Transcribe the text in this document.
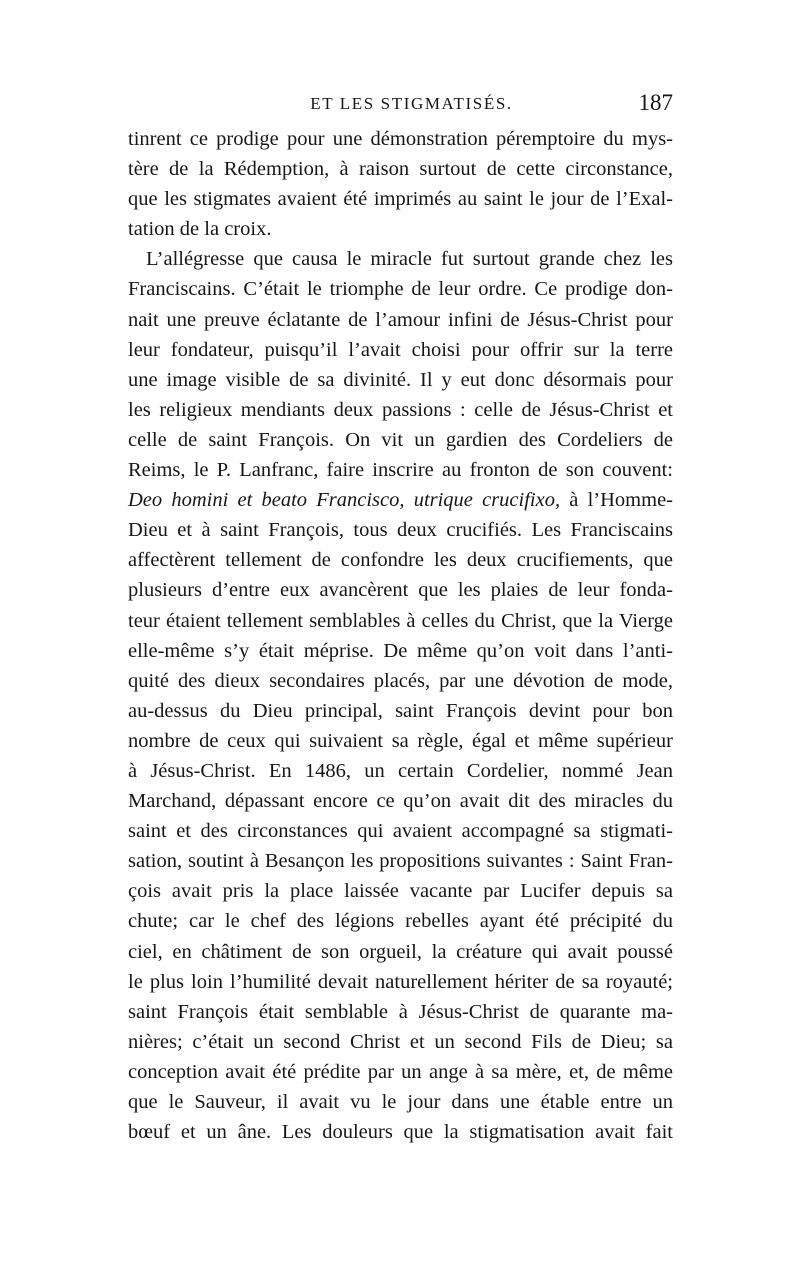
ET LES STIGMATISÉS.	187
tinrent ce prodige pour une démonstration péremptoire du mys-
tère de la Rédemption, à raison surtout de cette circonstance,
que les stigmates avaient été imprimés au saint le jour de l’Exal-
tation de la croix.
L’allégresse que causa le miracle fut surtout grande chez les
Franciscains. C’était le triomphe de leur ordre. Ce prodige don-
nait une preuve éclatante de l’amour infini de Jésus-Christ pour
leur fondateur, puisqu’il l’avait choisi pour offrir sur la terre
une image visible de sa divinité. Il y eut donc désormais pour
les religieux mendiants deux passions : celle de Jésus-Christ et
celle de saint François. On vit un gardien des Cordeliers de
Reims, le P. Lanfranc, faire inscrire au fronton de son couvent:
Deo homini et beato Francisco, utrique crucifixo, à l’Homme-
Dieu et à saint François, tous deux crucifiés. Les Franciscains
affectèrent tellement de confondre les deux crucifiements, que
plusieurs d’entre eux avancèrent que les plaies de leur fonda-
teur étaient tellement semblables à celles du Christ, que la Vierge
elle-même s’y était méprise. De même qu’on voit dans l’anti-
quité des dieux secondaires placés, par une dévotion de mode,
au-dessus du Dieu principal, saint François devint pour bon
nombre de ceux qui suivaient sa règle, égal et même supérieur
à Jésus-Christ. En 1486, un certain Cordelier, nommé Jean
Marchand, dépassant encore ce qu’on avait dit des miracles du
saint et des circonstances qui avaient accompagné sa stigmati-
sation, soutint à Besançon les propositions suivantes : Saint Fran-
çois avait pris la place laissée vacante par Lucifer depuis sa
chute; car le chef des légions rebelles ayant été précipité du
ciel, en châtiment de son orgueil, la créature qui avait poussé
le plus loin l’humilité devait naturellement hériter de sa royauté;
saint François était semblable à Jésus-Christ de quarante ma-
nières; c’était un second Christ et un second Fils de Dieu; sa
conception avait été prédite par un ange à sa mère, et, de même
que le Sauveur, il avait vu le jour dans une étable entre un
bœuf et un âne. Les douleurs que la stigmatisation avait fait
